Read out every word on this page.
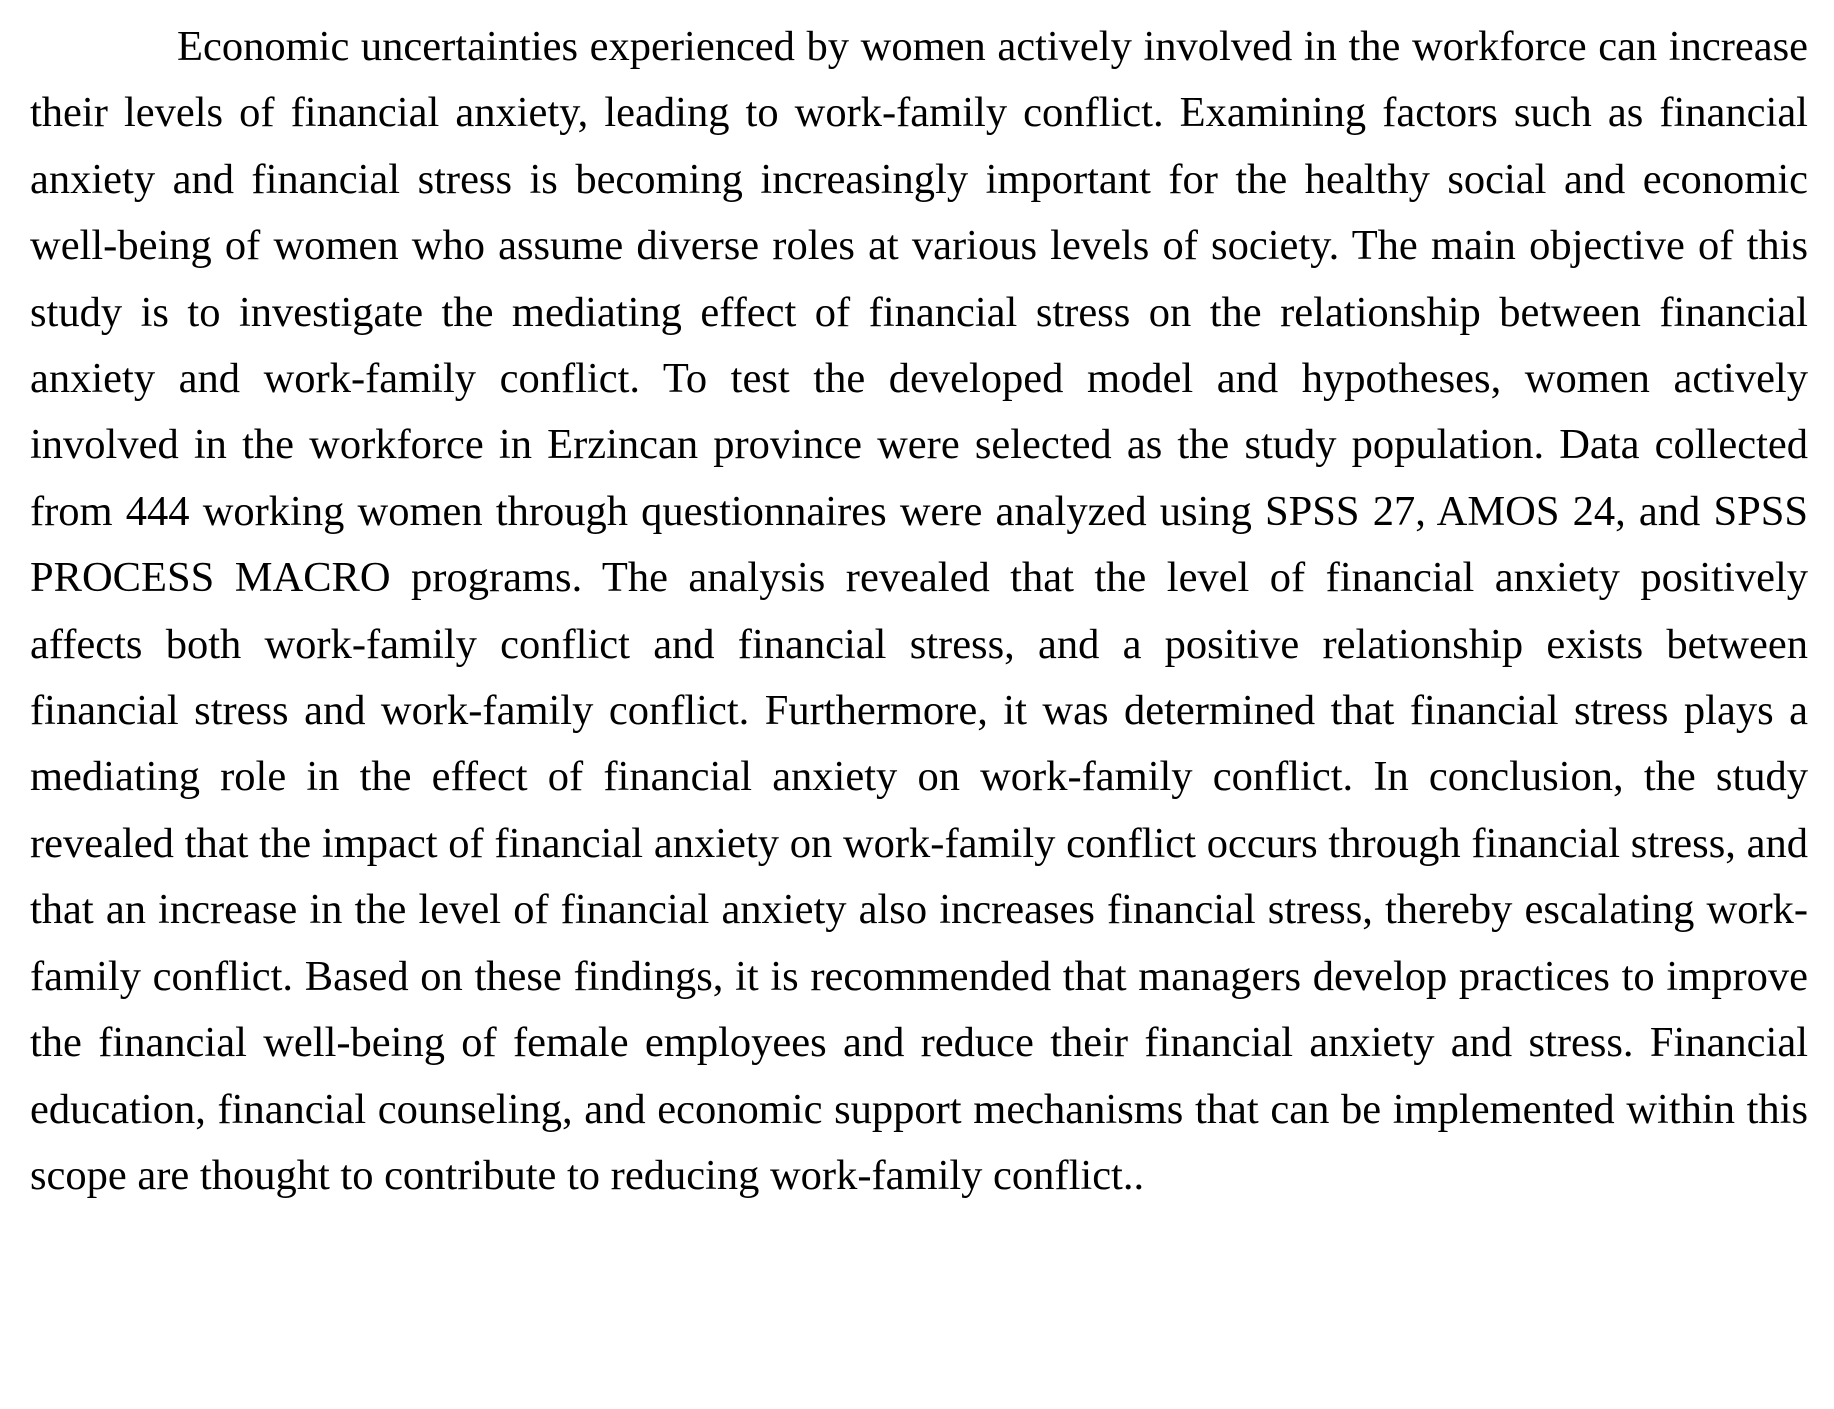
Economic uncertainties experienced by women actively involved in the workforce can increase their levels of financial anxiety, leading to work-family conflict. Examining factors such as financial anxiety and financial stress is becoming increasingly important for the healthy social and economic well-being of women who assume diverse roles at various levels of society. The main objective of this study is to investigate the mediating effect of financial stress on the relationship between financial anxiety and work-family conflict. To test the developed model and hypotheses, women actively involved in the workforce in Erzincan province were selected as the study population. Data collected from 444 working women through questionnaires were analyzed using SPSS 27, AMOS 24, and SPSS PROCESS MACRO programs. The analysis revealed that the level of financial anxiety positively affects both work-family conflict and financial stress, and a positive relationship exists between financial stress and work-family conflict. Furthermore, it was determined that financial stress plays a mediating role in the effect of financial anxiety on work-family conflict. In conclusion, the study revealed that the impact of financial anxiety on work-family conflict occurs through financial stress, and that an increase in the level of financial anxiety also increases financial stress, thereby escalating work-family conflict. Based on these findings, it is recommended that managers develop practices to improve the financial well-being of female employees and reduce their financial anxiety and stress. Financial education, financial counseling, and economic support mechanisms that can be implemented within this scope are thought to contribute to reducing work-family conflict..
